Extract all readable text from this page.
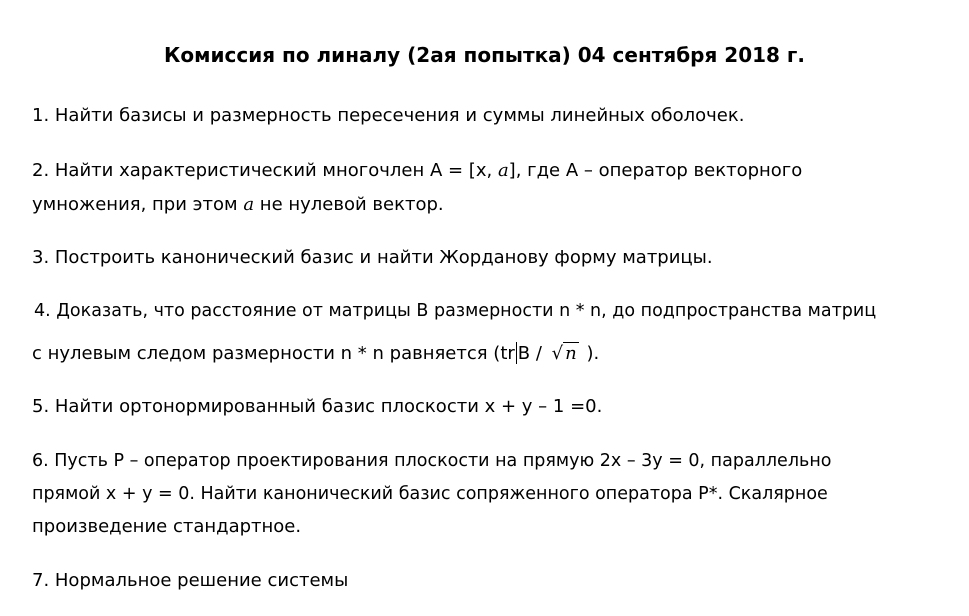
Комиссия по линалу (2ая попытка) 04 сентября 2018 г.
1. Найти базисы и размерность пересечения и суммы линейных оболочек.
2. Найти характеристический многочлен A = [x, a], где A – оператор векторного
умножения, при этом a не нулевой вектор.
3. Построить канонический базис и найти Жорданову форму матрицы.
4. Доказать, что расстояние от матрицы B размерности n * n, до подпространства матриц
с нулевым следом размерности n * n равняется (tr B / √ n ).
5. Найти ортонормированный базис плоскости x + y – 1 =0.
6. Пусть P – оператор проектирования плоскости на прямую 2x – 3y = 0, параллельно
прямой x + y = 0. Найти канонический базис сопряженного оператора P*. Скалярное
произведение стандартное.
7. Нормальное решение системы
